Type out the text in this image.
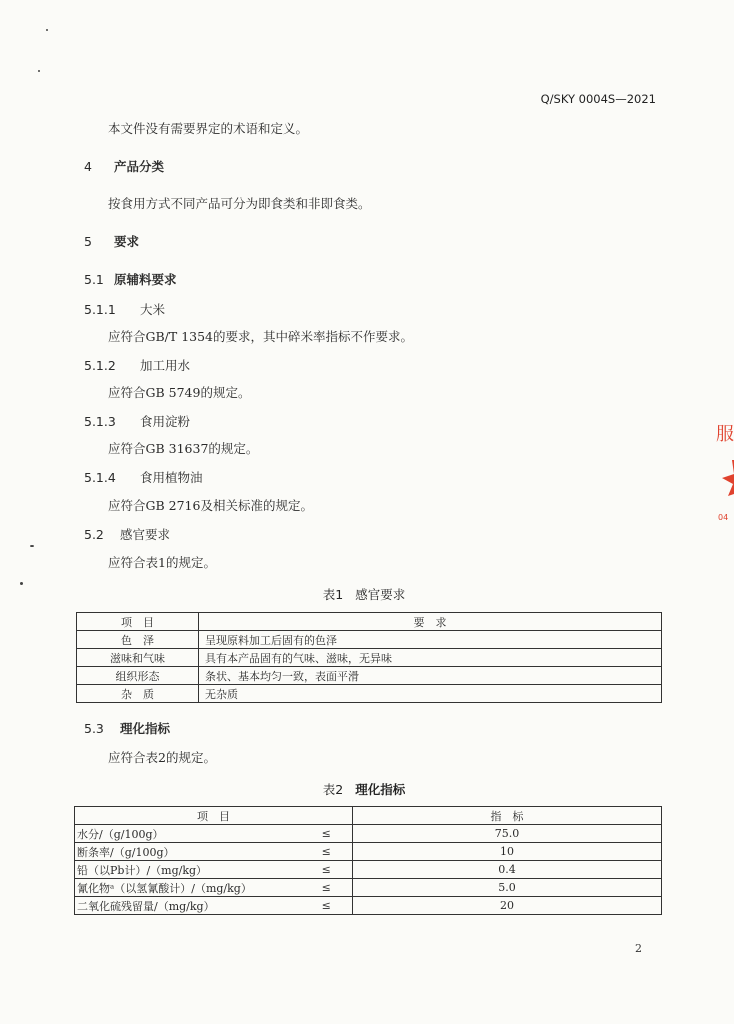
Q/SKY 0004S—2021
本文件没有需要界定的术语和定义。
4 产品分类
按食用方式不同产品可分为即食类和非即食类。
5 要求
5.1 原辅料要求
5.1.1 大米
应符合GB/T 1354的要求，其中碎米率指标不作要求。
5.1.2 加工用水
应符合GB 5749的规定。
5.1.3 食用淀粉
应符合GB 31637的规定。
5.1.4 食用植物油
应符合GB 2716及相关标准的规定。
5.2 感官要求
应符合表1的规定。
表1 感官要求
项　目	要　求
色　泽	呈现原料加工后固有的色泽
滋味和气味	具有本产品固有的气味、滋味，无异味
组织形态	条状、基本均匀一致，表面平滑
杂　质	无杂质
5.3 理化指标
应符合表2的规定。
表2 理化指标
项　目		指　标
水分/（g/100g）	≤	75.0
断条率/（g/100g）	≤	10
铅（以Pb计）/（mg/kg）	≤	0.4
氰化物ᵃ（以氢氰酸计）/（mg/kg）	≤	5.0
二氧化硫残留量/（mg/kg）	≤	20
2
服
04
